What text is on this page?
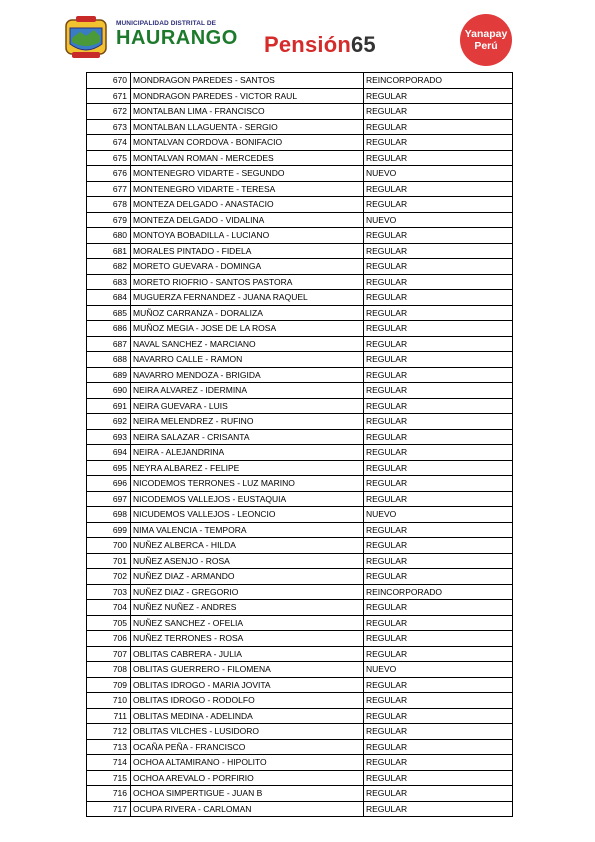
MUNICIPALIDAD DISTRITAL DE
HAURANGO Pensión65	Yanapay
Perú
670	MONDRAGON PAREDES - SANTOS	REINCORPORADO
671	MONDRAGON PAREDES - VICTOR RAUL	REGULAR
672	MONTALBAN LIMA - FRANCISCO	REGULAR
673	MONTALBAN LLAGUENTA - SERGIO	REGULAR
674	MONTALVAN CORDOVA - BONIFACIO	REGULAR
675	MONTALVAN ROMAN - MERCEDES	REGULAR
676	MONTENEGRO VIDARTE - SEGUNDO	NUEVO
677	MONTENEGRO VIDARTE - TERESA	REGULAR
678	MONTEZA DELGADO - ANASTACIO	REGULAR
679	MONTEZA DELGADO - VIDALINA	NUEVO
680	MONTOYA BOBADILLA - LUCIANO	REGULAR
681	MORALES PINTADO - FIDELA	REGULAR
682	MORETO GUEVARA - DOMINGA	REGULAR
683	MORETO RIOFRIO - SANTOS PASTORA	REGULAR
684	MUGUERZA FERNANDEZ - JUANA RAQUEL	REGULAR
685	MUÑOZ CARRANZA - DORALIZA	REGULAR
686	MUÑOZ MEGIA - JOSE DE LA ROSA	REGULAR
687	NAVAL SANCHEZ - MARCIANO	REGULAR
688	NAVARRO CALLE - RAMON	REGULAR
689	NAVARRO MENDOZA - BRIGIDA	REGULAR
690	NEIRA ALVAREZ - IDERMINA	REGULAR
691	NEIRA GUEVARA - LUIS	REGULAR
692	NEIRA MELENDREZ - RUFINO	REGULAR
693	NEIRA SALAZAR - CRISANTA	REGULAR
694	NEIRA - ALEJANDRINA	REGULAR
695	NEYRA ALBAREZ - FELIPE	REGULAR
696	NICODEMOS TERRONES - LUZ MARINO	REGULAR
697	NICODEMOS VALLEJOS - EUSTAQUIA	REGULAR
698	NICUDEMOS VALLEJOS - LEONCIO	NUEVO
699	NIMA VALENCIA - TEMPORA	REGULAR
700	NUÑEZ ALBERCA - HILDA	REGULAR
701	NUÑEZ ASENJO - ROSA	REGULAR
702	NUÑEZ DIAZ - ARMANDO	REGULAR
703	NUÑEZ DIAZ - GREGORIO	REINCORPORADO
704	NUÑEZ NUÑEZ - ANDRES	REGULAR
705	NUÑEZ SANCHEZ - OFELIA	REGULAR
706	NUÑEZ TERRONES - ROSA	REGULAR
707	OBLITAS CABRERA - JULIA	REGULAR
708	OBLITAS GUERRERO - FILOMENA	NUEVO
709	OBLITAS IDROGO - MARIA JOVITA	REGULAR
710	OBLITAS IDROGO - RODOLFO	REGULAR
711	OBLITAS MEDINA - ADELINDA	REGULAR
712	OBLITAS VILCHES - LUSIDORO	REGULAR
713	OCAÑA PEÑA - FRANCISCO	REGULAR
714	OCHOA ALTAMIRANO - HIPOLITO	REGULAR
715	OCHOA AREVALO - PORFIRIO	REGULAR
716	OCHOA SIMPERTIGUE - JUAN B	REGULAR
717	OCUPA RIVERA - CARLOMAN	REGULAR
